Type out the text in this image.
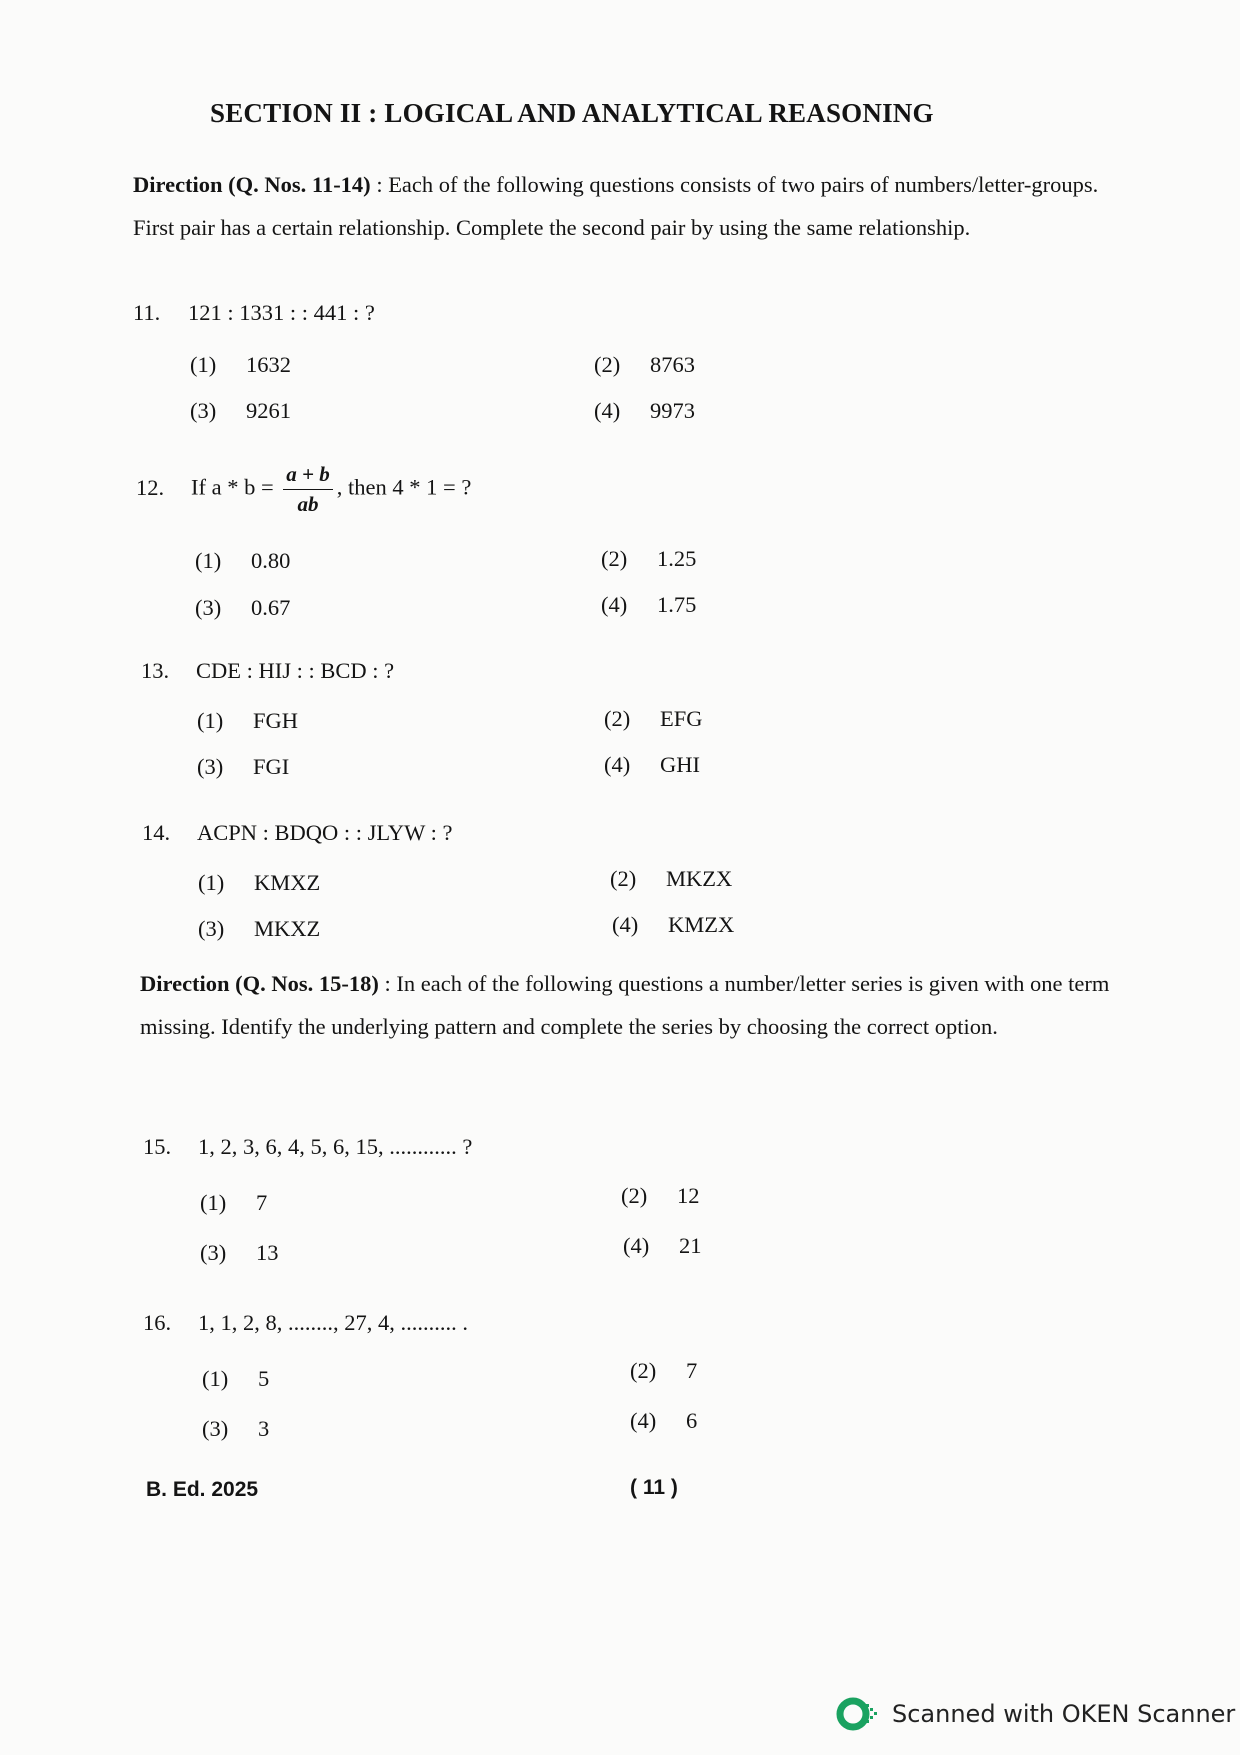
SECTION II : LOGICAL AND ANALYTICAL REASONING
Direction (Q. Nos. 11-14) : Each of the following questions consists of two pairs of numbers/letter-groups. First pair has a certain relationship. Complete the second pair by using the same relationship.
11. 121 : 1331 : : 441 : ?
(1) 1632	(2) 8763
(3) 9261	(4) 9973
12. If $a * b = \frac{a + b}{ab}$ , then 4 * 1 = ?
(1) 0.80	(2) 1.25
(3) 0.67	(4) 1.75
13. CDE : HIJ : : BCD : ?
(1) FGH	(2) EFG
(3) FGI	(4) GHI
14. ACPN : BDQO : : JLYW : ?
(1) KMXZ	(2) MKZX
(3) MKXZ	(4) KMZX
Direction (Q. Nos. 15-18) : In each of the following questions a number/letter series is given with one term missing. Identify the underlying pattern and complete the series by choosing the correct option.
15. 1, 2, 3, 6, 4, 5, 6, 15, ............ ?
(1) 7	(2) 12
(3) 13	(4) 21
16. 1, 1, 2, 8, ........, 27, 4, .......... .
(1) 5	(2) 7
(3) 3	(4) 6
B. Ed. 2025	( 11 )
Scanned with OKEN Scanner
